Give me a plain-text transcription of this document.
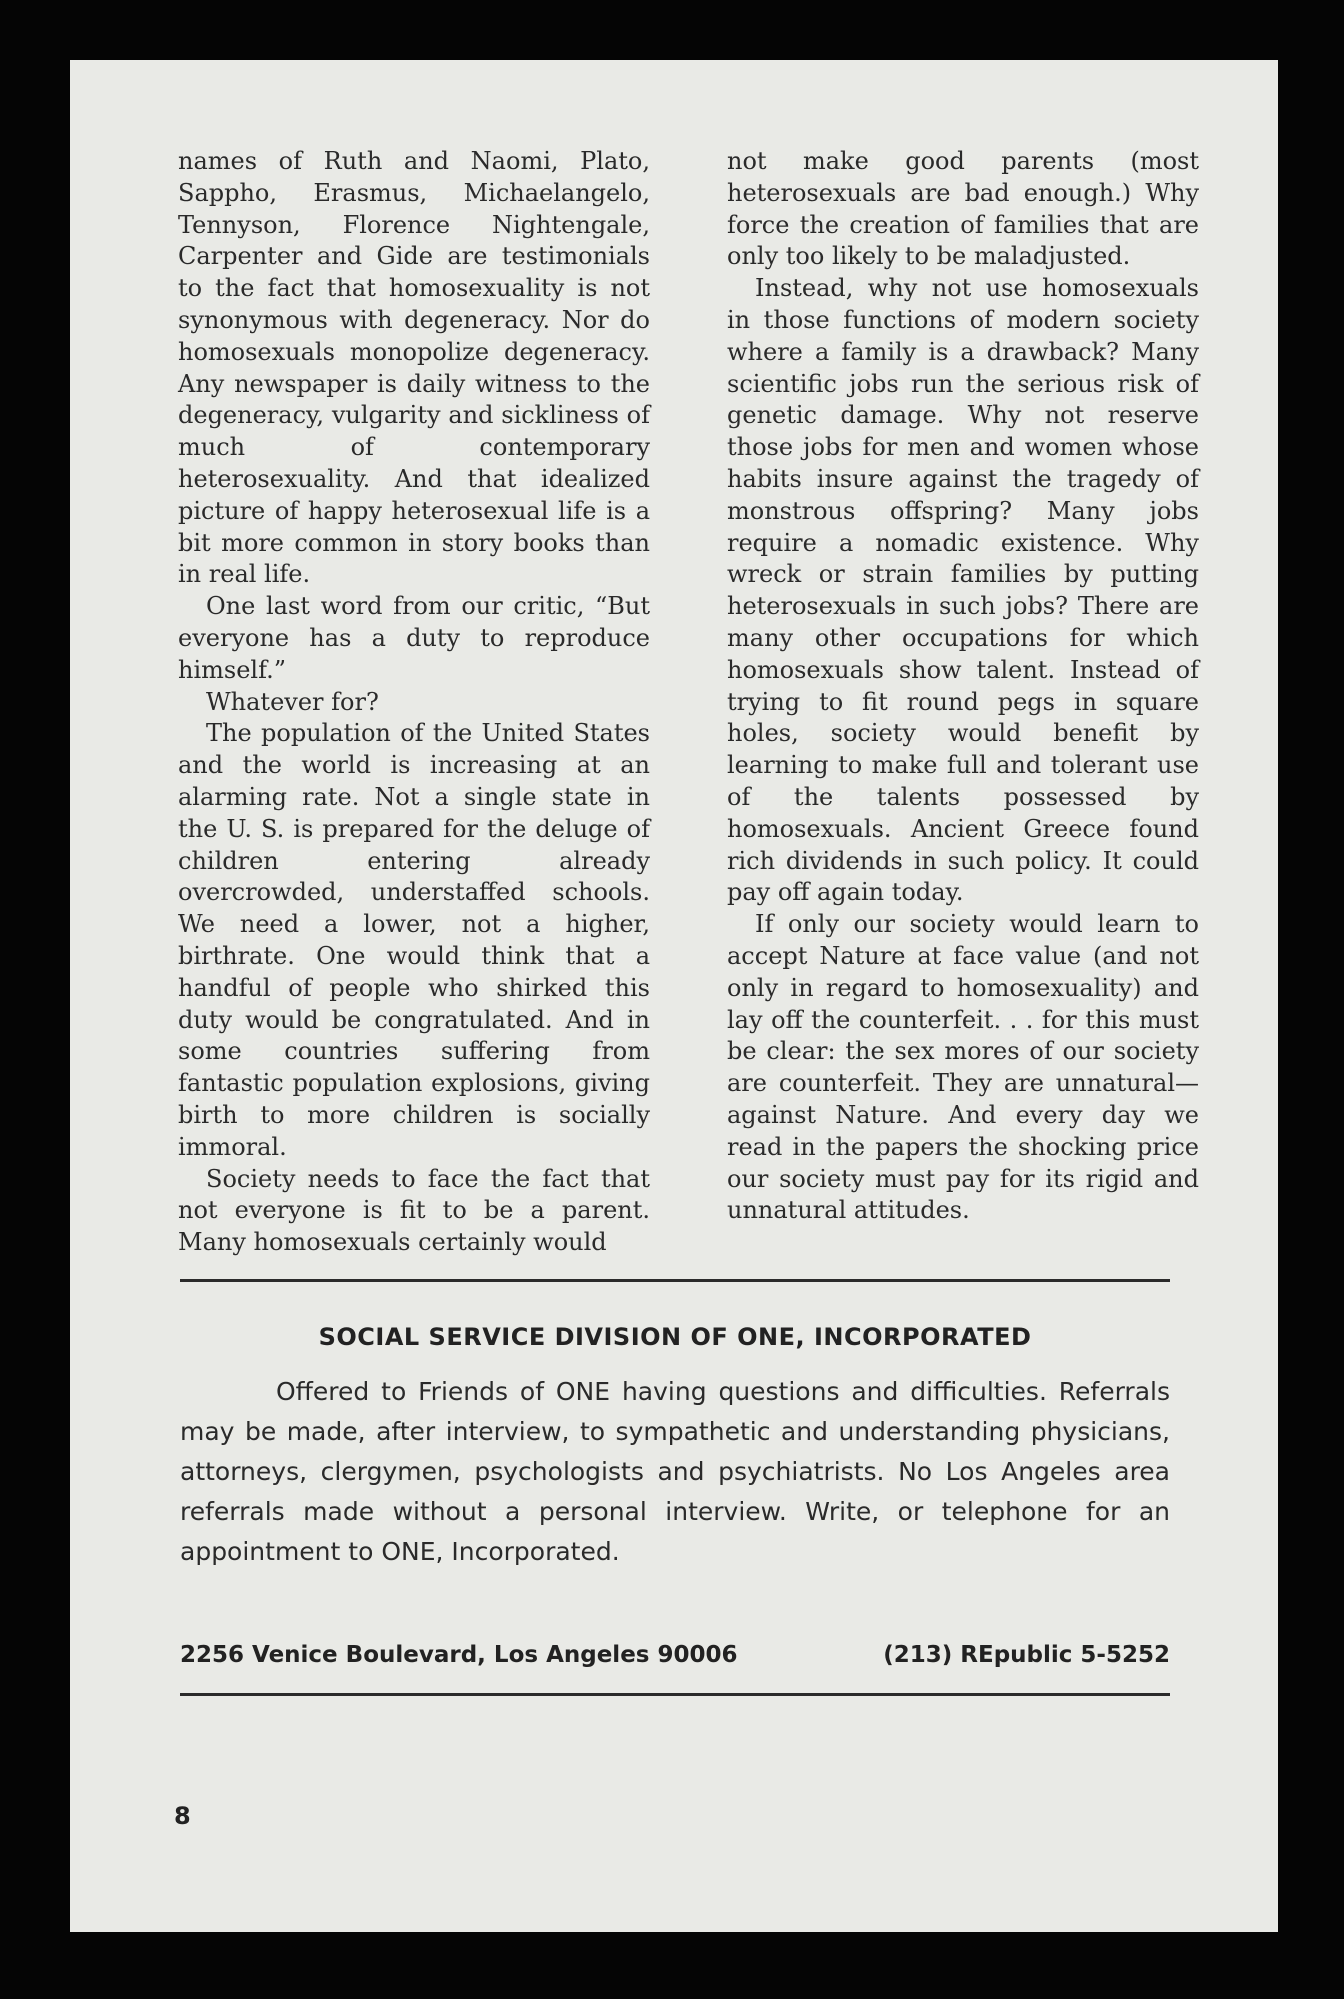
names of Ruth and Naomi, Plato, Sappho, Erasmus, Michaelangelo, Tennyson, Florence Nightengale, Carpenter and Gide are testimonials to the fact that homosexuality is not synonymous with degeneracy. Nor do homosexuals monopolize degeneracy. Any newspaper is daily witness to the degeneracy, vulgarity and sickliness of much of contemporary heterosexuality. And that idealized picture of happy heterosexual life is a bit more common in story books than in real life.

One last word from our critic, “But everyone has a duty to reproduce himself.”

Whatever for?

The population of the United States and the world is increasing at an alarming rate. Not a single state in the U. S. is prepared for the deluge of children entering already overcrowded, understaffed schools. We need a lower, not a higher, birthrate. One would think that a handful of people who shirked this duty would be congratulated. And in some countries suffering from fantastic population explosions, giving birth to more children is socially immoral.

Society needs to face the fact that not everyone is fit to be a parent. Many homosexuals certainly would

not make good parents (most heterosexuals are bad enough.) Why force the creation of families that are only too likely to be maladjusted.

Instead, why not use homosexuals in those functions of modern society where a family is a drawback? Many scientific jobs run the serious risk of genetic damage. Why not reserve those jobs for men and women whose habits insure against the tragedy of monstrous offspring? Many jobs require a nomadic existence. Why wreck or strain families by putting heterosexuals in such jobs? There are many other occupations for which homosexuals show talent. Instead of trying to fit round pegs in square holes, society would benefit by learning to make full and tolerant use of the talents possessed by homosexuals. Ancient Greece found rich dividends in such policy. It could pay off again today.

If only our society would learn to accept Nature at face value (and not only in regard to homosexuality) and lay off the counterfeit. . . for this must be clear: the sex mores of our society are counterfeit. They are unnatural— against Nature. And every day we read in the papers the shocking price our society must pay for its rigid and unnatural attitudes.

SOCIAL SERVICE DIVISION OF ONE, INCORPORATED

Offered to Friends of ONE having questions and difficulties. Referrals may be made, after interview, to sympathetic and understanding physicians, attorneys, clergymen, psychologists and psychiatrists. No Los Angeles area referrals made without a personal interview. Write, or telephone for an appointment to ONE, Incorporated.

2256 Venice Boulevard, Los Angeles 90006	(213) REpublic 5-5252
8
